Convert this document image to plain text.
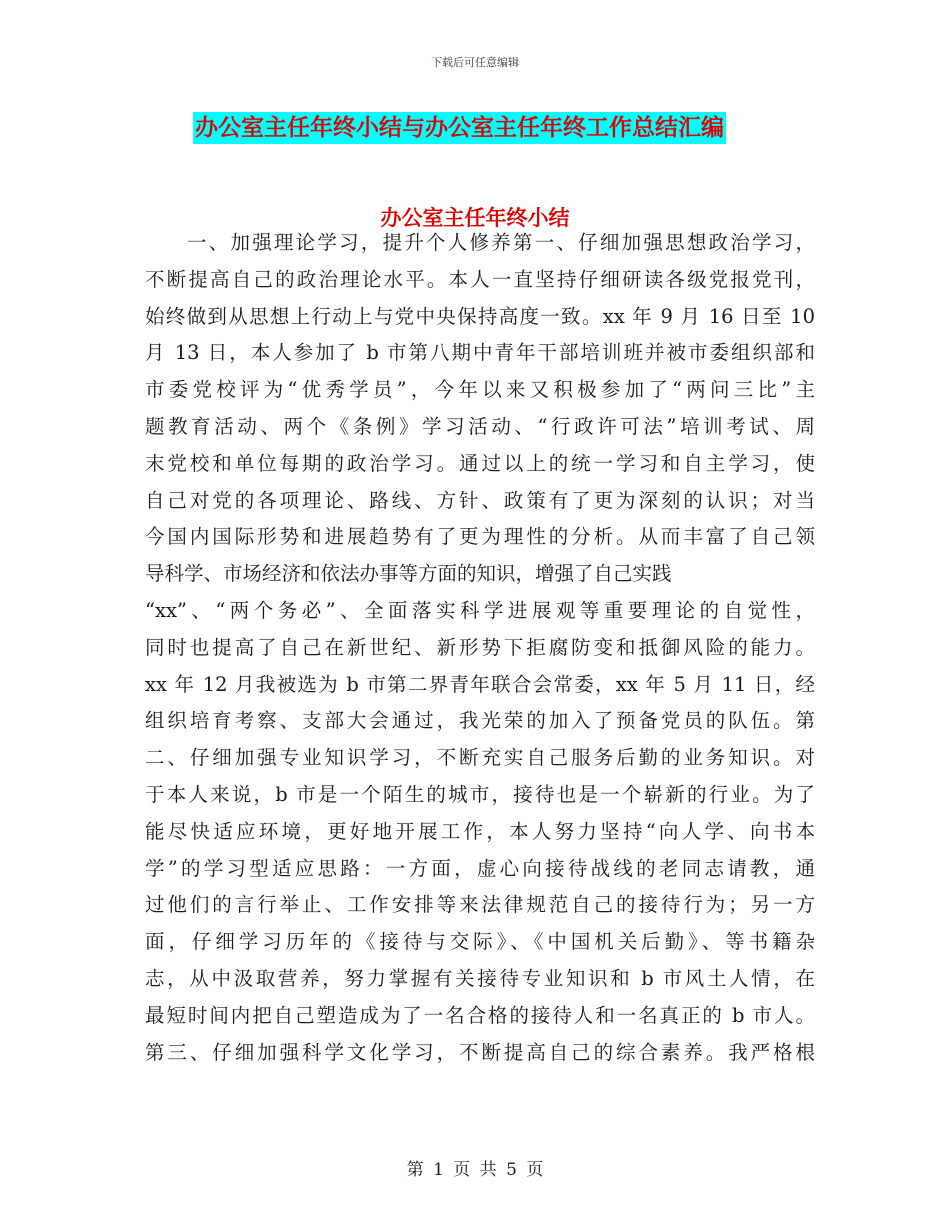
下载后可任意编辑
办公室主任年终小结与办公室主任年终工作总结汇编
办公室主任年终小结
一、加强理论学习，提升个人修养第一、仔细加强思想政治学习，
不断提高自己的政治理论水平。本人一直坚持仔细研读各级党报党刊，
始终做到从思想上行动上与党中央保持高度一致。xx 年 9 月 16 日至 10
月 13 日，本人参加了 b 市第八期中青年干部培训班并被市委组织部和
市委党校评为“优秀学员”，今年以来又积极参加了“两问三比”主
题教育活动、两个《条例》学习活动、“行政许可法”培训考试、周
末党校和单位每期的政治学习。通过以上的统一学习和自主学习，使
自己对党的各项理论、路线、方针、政策有了更为深刻的认识；对当
今国内国际形势和进展趋势有了更为理性的分析。从而丰富了自己领
导科学、市场经济和依法办事等方面的知识，增强了自己实践
“xx”、“两个务必”、全面落实科学进展观等重要理论的自觉性，
同时也提高了自己在新世纪、新形势下拒腐防变和抵御风险的能力。
xx 年 12 月我被选为 b 市第二界青年联合会常委，xx 年 5 月 11 日，经
组织培育考察、支部大会通过，我光荣的加入了预备党员的队伍。第
二、仔细加强专业知识学习，不断充实自己服务后勤的业务知识。对
于本人来说，b 市是一个陌生的城市，接待也是一个崭新的行业。为了
能尽快适应环境，更好地开展工作，本人努力坚持“向人学、向书本
学”的学习型适应思路：一方面，虚心向接待战线的老同志请教，通
过他们的言行举止、工作安排等来法律规范自己的接待行为；另一方
面，仔细学习历年的《接待与交际》、《中国机关后勤》、等书籍杂
志，从中汲取营养，努力掌握有关接待专业知识和 b 市风土人情，在
最短时间内把自己塑造成为了一名合格的接待人和一名真正的 b 市人。
第三、仔细加强科学文化学习，不断提高自己的综合素养。我严格根
第 1 页 共 5 页
